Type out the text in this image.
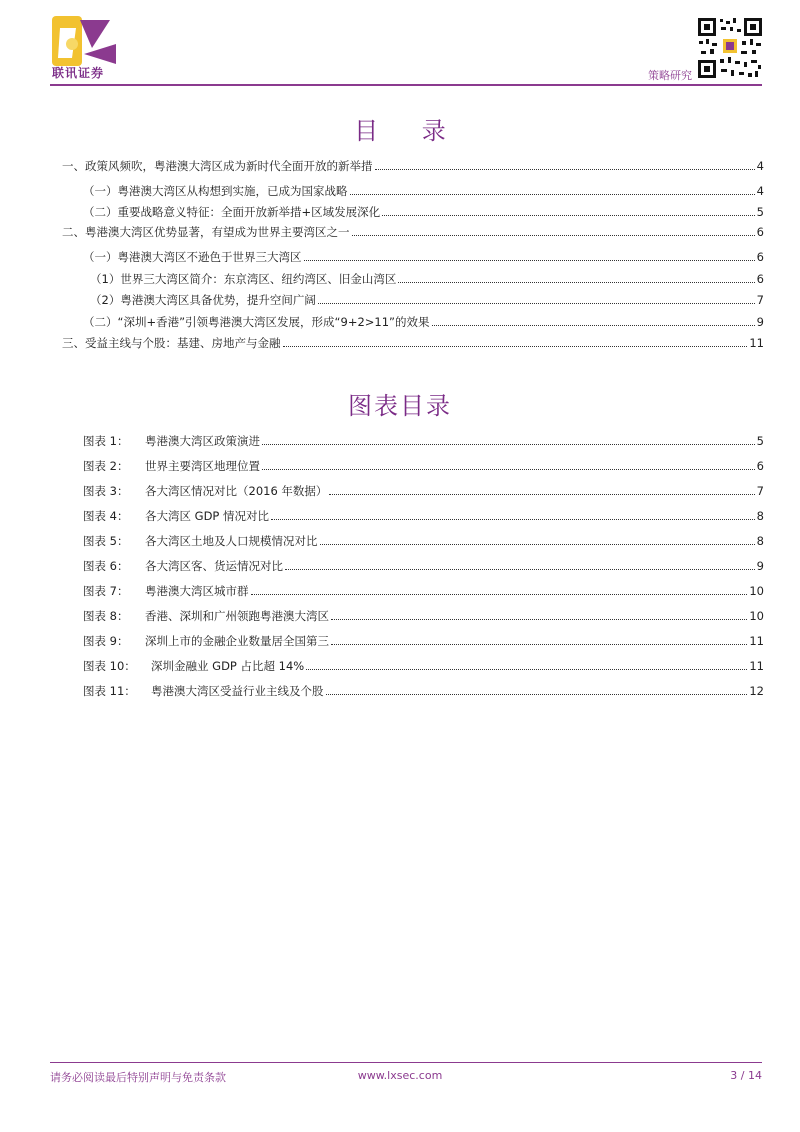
联讯证券	策略研究
目 录
一、政策风频吹，粤港澳大湾区成为新时代全面开放的新举措	4
（一）粤港澳大湾区从构想到实施，已成为国家战略	4
（二）重要战略意义特征：全面开放新举措+区域发展深化	5
二、粤港澳大湾区优势显著，有望成为世界主要湾区之一	6
（一）粤港澳大湾区不逊色于世界三大湾区	6
（1）世界三大湾区简介：东京湾区、纽约湾区、旧金山湾区	6
（2）粤港澳大湾区具备优势，提升空间广阔	7
（二）“深圳+香港”引领粤港澳大湾区发展，形成“9+2>11”的效果	9
三、受益主线与个股：基建、房地产与金融	11
图表目录
图表 1：	粤港澳大湾区政策演进	5
图表 2：	世界主要湾区地理位置	6
图表 3：	各大湾区情况对比（2016 年数据）	7
图表 4：	各大湾区 GDP 情况对比	8
图表 5：	各大湾区土地及人口规模情况对比	8
图表 6：	各大湾区客、货运情况对比	9
图表 7：	粤港澳大湾区城市群	10
图表 8：	香港、深圳和广州领跑粤港澳大湾区	10
图表 9：	深圳上市的金融企业数量居全国第三	11
图表 10：	深圳金融业 GDP 占比超 14%	11
图表 11：	粤港澳大湾区受益行业主线及个股	12
请务必阅读最后特别声明与免责条款	www.lxsec.com	3 / 14
